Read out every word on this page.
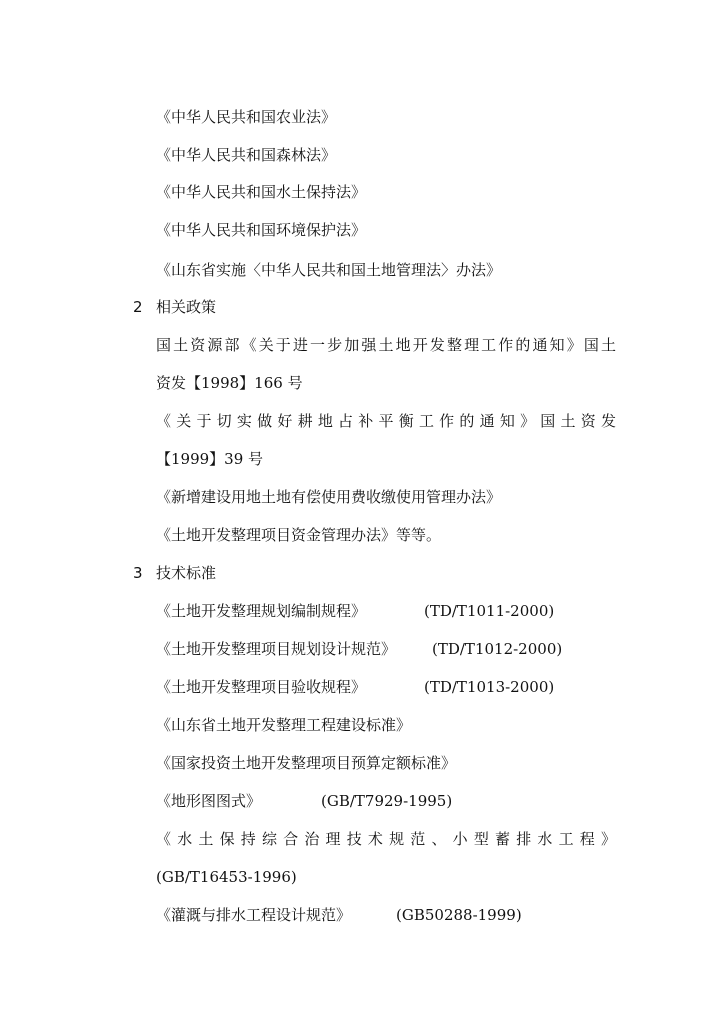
《中华人民共和国农业法》
《中华人民共和国森林法》
《中华人民共和国水土保持法》
《中华人民共和国环境保护法》
《山东省实施〈中华人民共和国土地管理法〉办法》
2 相关政策
国土资源部《关于进一步加强土地开发整理工作的通知》国土
资发【1998】166 号
《关于切实做好耕地占补平衡工作的通知》国土资发
【1999】39 号
《新增建设用地土地有偿使用费收缴使用管理办法》
《土地开发整理项目资金管理办法》等等。
3 技术标准
《土地开发整理规划编制规程》	(TD/T1011-2000)
《土地开发整理项目规划设计规范》 (TD/T1012-2000)
《土地开发整理项目验收规程》	(TD/T1013-2000)
《山东省土地开发整理工程建设标准》
《国家投资土地开发整理项目预算定额标准》
《地形图图式》	(GB/T7929-1995)
《水土保持综合治理技术规范、小型蓄排水工程》
(GB/T16453-1996)
《灌溉与排水工程设计规范》	(GB50288-1999)
